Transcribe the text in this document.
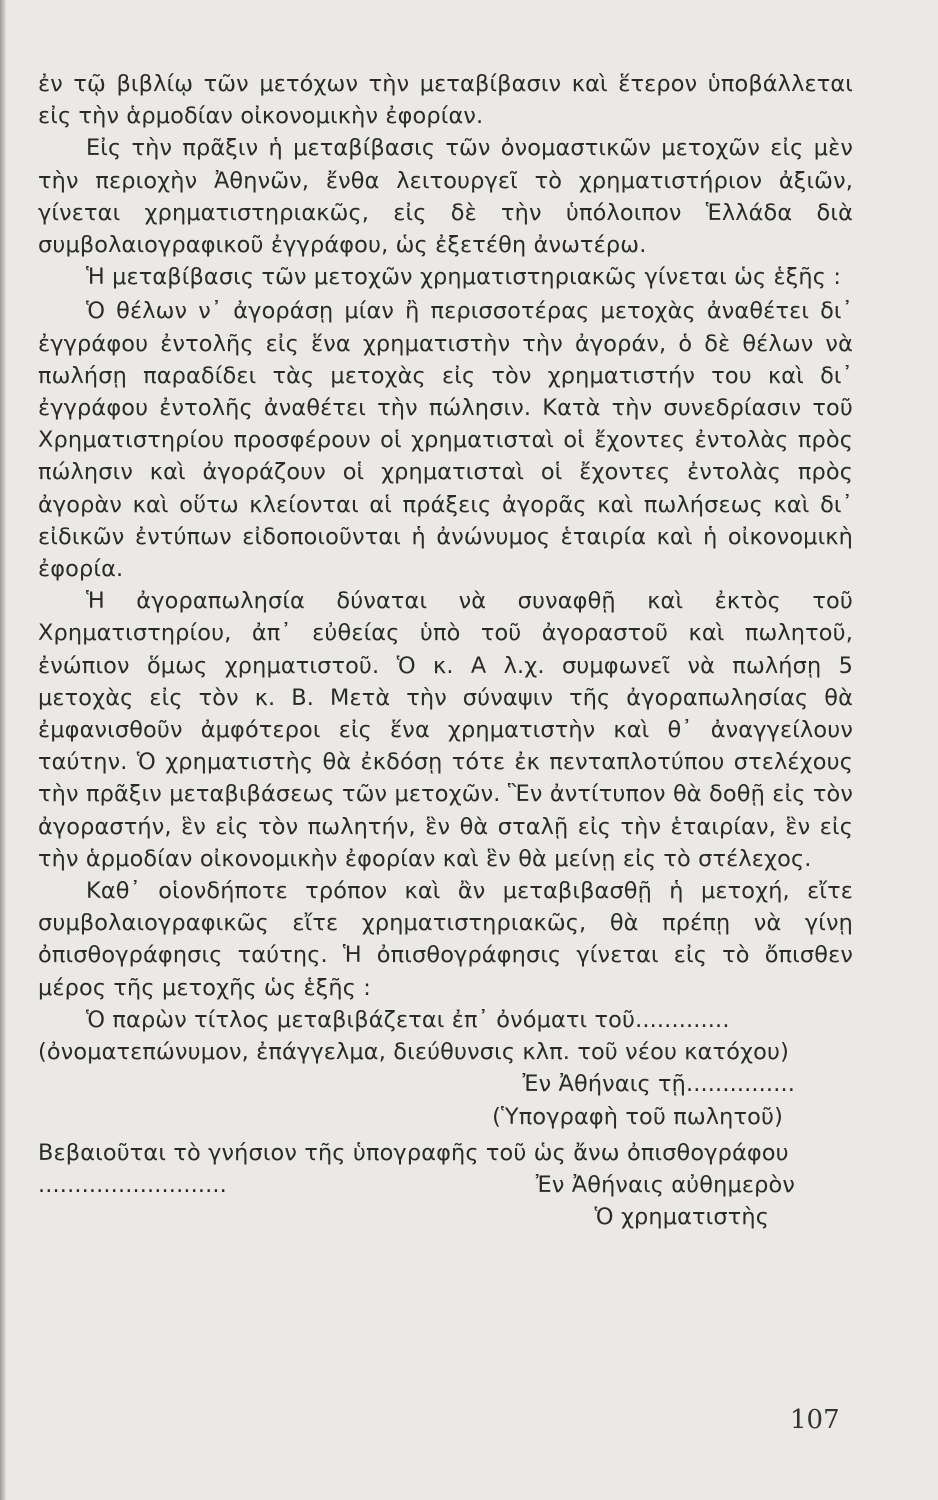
ἐν τῷ βιβλίῳ τῶν μετόχων τὴν μεταβίβασιν καὶ ἕτερον ὑποβάλλεται εἰς τὴν ἁρμοδίαν οἰκονομικὴν ἐφορίαν.

Εἰς τὴν πρᾶξιν ἡ μεταβίβασις τῶν ὀνομαστικῶν μετοχῶν εἰς μὲν τὴν περιοχὴν Ἀθηνῶν, ἔνθα λειτουργεῖ τὸ χρηματιστήριον ἀξιῶν, γίνεται χρηματιστηριακῶς, εἰς δὲ τὴν ὑπόλοιπον Ἑλλάδα διὰ συμβολαιογραφικοῦ ἐγγράφου, ὡς ἐξετέθη ἀνωτέρω.

Ἡ μεταβίβασις τῶν μετοχῶν χρηματιστηριακῶς γίνεται ὡς ἑξῆς :

Ὁ θέλων ν᾽ ἀγοράσῃ μίαν ἢ περισσοτέρας μετοχὰς ἀναθέτει δι᾽ ἐγγράφου ἐντολῆς εἰς ἕνα χρηματιστὴν τὴν ἀγοράν, ὁ δὲ θέλων νὰ πωλήσῃ παραδίδει τὰς μετοχὰς εἰς τὸν χρηματιστήν του καὶ δι᾽ ἐγγράφου ἐντολῆς ἀναθέτει τὴν πώλησιν. Κατὰ τὴν συνεδρίασιν τοῦ Χρηματιστηρίου προσφέρουν οἱ χρηματισταὶ οἱ ἔχοντες ἐντολὰς πρὸς πώλησιν καὶ ἀγοράζουν οἱ χρηματισταὶ οἱ ἔχοντες ἐντολὰς πρὸς ἀγορὰν καὶ οὕτω κλείονται αἱ πράξεις ἀγορᾶς καὶ πωλήσεως καὶ δι᾽ εἰδικῶν ἐντύπων εἰδοποιοῦνται ἡ ἀνώνυμος ἑταιρία καὶ ἡ οἰκονομικὴ ἐφορία.

Ἡ ἀγοραπωλησία δύναται νὰ συναφθῇ καὶ ἐκτὸς τοῦ Χρηματιστηρίου, ἀπ᾽ εὐθείας ὑπὸ τοῦ ἀγοραστοῦ καὶ πωλητοῦ, ἐνώπιον ὅμως χρηματιστοῦ. Ὁ κ. Α λ.χ. συμφωνεῖ νὰ πωλήσῃ 5 μετοχὰς εἰς τὸν κ. Β. Μετὰ τὴν σύναψιν τῆς ἀγοραπωλησίας θὰ ἐμφανισθοῦν ἀμφότεροι εἰς ἕνα χρηματιστὴν καὶ θ᾽ ἀναγγείλουν ταύτην. Ὁ χρηματιστὴς θὰ ἐκδόσῃ τότε ἐκ πενταπλοτύπου στελέχους τὴν πρᾶξιν μεταβιβάσεως τῶν μετοχῶν. Ἓν ἀντίτυπον θὰ δοθῇ εἰς τὸν ἀγοραστήν, ἓν εἰς τὸν πωλητήν, ἓν θὰ σταλῇ εἰς τὴν ἑταιρίαν, ἓν εἰς τὴν ἁρμοδίαν οἰκονομικὴν ἐφορίαν καὶ ἓν θὰ μείνῃ εἰς τὸ στέλεχος.

Καθ᾽ οἱονδήποτε τρόπον καὶ ἂν μεταβιβασθῇ ἡ μετοχή, εἴτε συμβολαιογραφικῶς εἴτε χρηματιστηριακῶς, θὰ πρέπῃ νὰ γίνῃ ὀπισθογράφησις ταύτης. Ἡ ὀπισθογράφησις γίνεται εἰς τὸ ὄπισθεν μέρος τῆς μετοχῆς ὡς ἑξῆς :

Ὁ παρὼν τίτλος μεταβιβάζεται ἐπ᾽ ὀνόματι τοῦ.............

(ὀνοματεπώνυμον, ἐπάγγελμα, διεύθυνσις κλπ. τοῦ νέου κατόχου)

Ἐν Ἀθήναις τῇ...............

(Ὑπογραφὴ τοῦ πωλητοῦ)

Βεβαιοῦται τὸ γνήσιον τῆς ὑπογραφῆς τοῦ ὡς ἄνω ὀπισθογράφου

..........................	Ἐν Ἀθήναις αὐθημερὸν

Ὁ χρηματιστὴς

107
